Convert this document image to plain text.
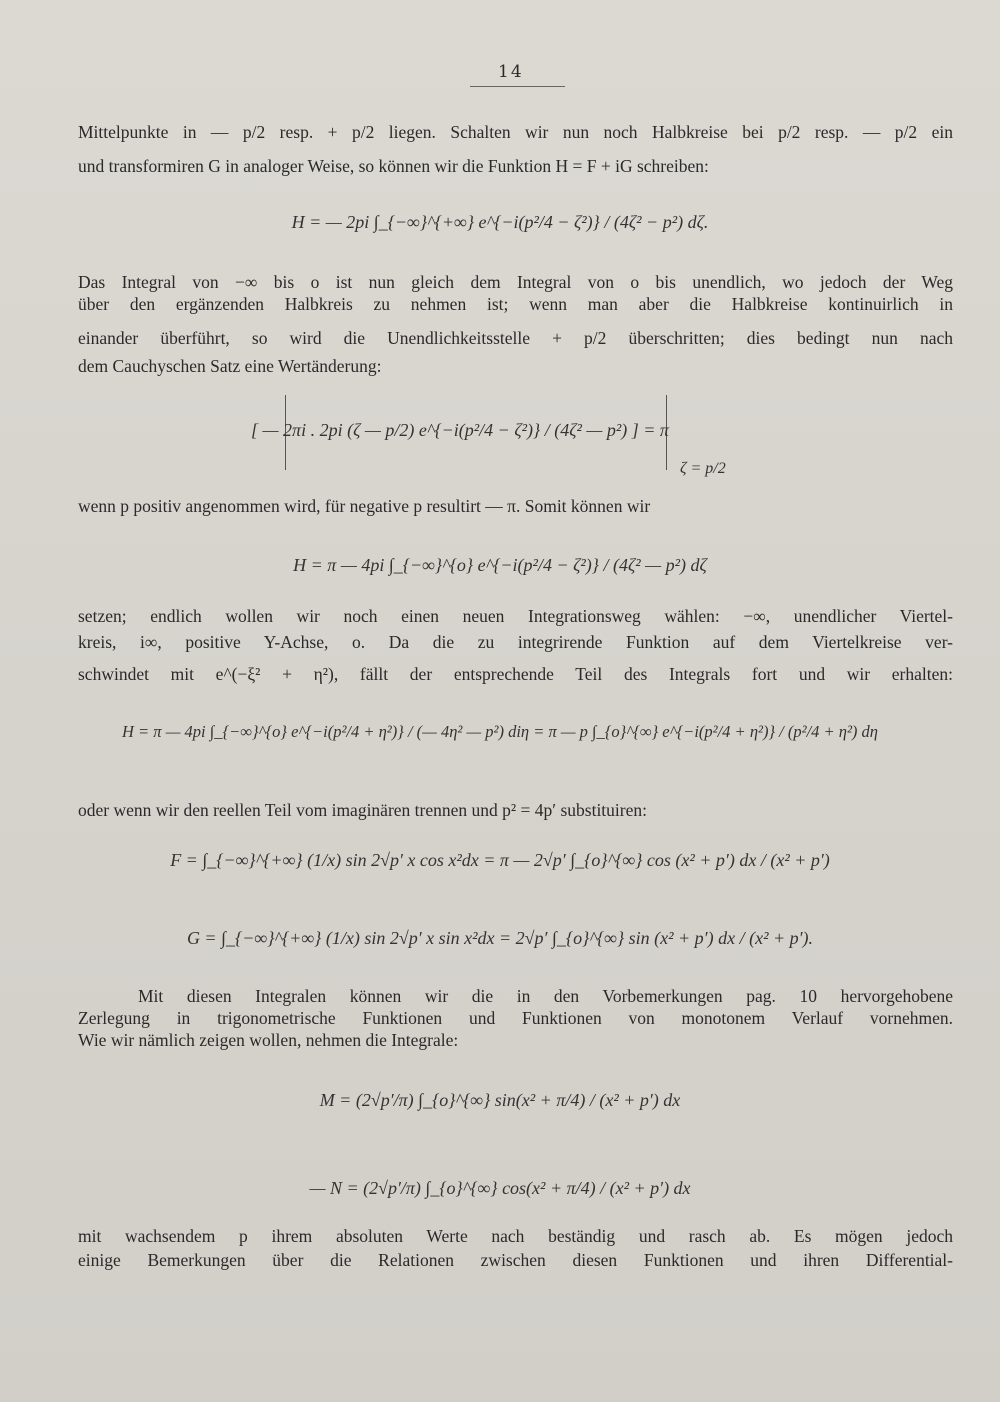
14
Mittelpunkte in — p/2 resp. + p/2 liegen. Schalten wir nun noch Halbkreise bei p/2 resp. — p/2 ein
und transformiren G in analoger Weise, so können wir die Funktion H = F + iG schreiben:
H = — 2pi ∫_{−∞}^{+∞} e^{−i(p²/4 − ζ²)} / (4ζ² − p²) dζ.
Das Integral von −∞ bis o ist nun gleich dem Integral von o bis unendlich, wo jedoch der Weg
über den ergänzenden Halbkreis zu nehmen ist; wenn man aber die Halbkreise kontinuirlich in
einander überführt, so wird die Unendlichkeitsstelle + p/2 überschritten; dies bedingt nun nach
dem Cauchyschen Satz eine Wertänderung:
[ — 2πi . 2pi (ζ — p/2) e^{−i(p²/4 − ζ²)} / (4ζ² — p²) ] = π
ζ = p/2
wenn p positiv angenommen wird, für negative p resultirt — π. Somit können wir
H = π — 4pi ∫_{−∞}^{o} e^{−i(p²/4 − ζ²)} / (4ζ² — p²) dζ
setzen; endlich wollen wir noch einen neuen Integrationsweg wählen: −∞, unendlicher Viertel-
kreis, i∞, positive Y-Achse, o. Da die zu integrirende Funktion auf dem Viertelkreise ver-
schwindet mit e^(−ξ² + η²), fällt der entsprechende Teil des Integrals fort und wir erhalten:
H = π — 4pi ∫_{−∞}^{o} e^{−i(p²/4 + η²)} / (— 4η² — p²) diη = π — p ∫_{o}^{∞} e^{−i(p²/4 + η²)} / (p²/4 + η²) dη
oder wenn wir den reellen Teil vom imaginären trennen und p² = 4p′ substituiren:
F = ∫_{−∞}^{+∞} (1/x) sin 2√p′ x cos x²dx = π — 2√p′ ∫_{o}^{∞} cos (x² + p′) dx / (x² + p′)
G = ∫_{−∞}^{+∞} (1/x) sin 2√p′ x sin x²dx = 2√p′ ∫_{o}^{∞} sin (x² + p′) dx / (x² + p′).
Mit diesen Integralen können wir die in den Vorbemerkungen pag. 10 hervorgehobene
Zerlegung in trigonometrische Funktionen und Funktionen von monotonem Verlauf vornehmen.
Wie wir nämlich zeigen wollen, nehmen die Integrale:
M = (2√p′/π) ∫_{o}^{∞} sin(x² + π/4) / (x² + p′) dx
— N = (2√p′/π) ∫_{o}^{∞} cos(x² + π/4) / (x² + p′) dx
mit wachsendem p ihrem absoluten Werte nach beständig und rasch ab. Es mögen jedoch
einige Bemerkungen über die Relationen zwischen diesen Funktionen und ihren Differential-
